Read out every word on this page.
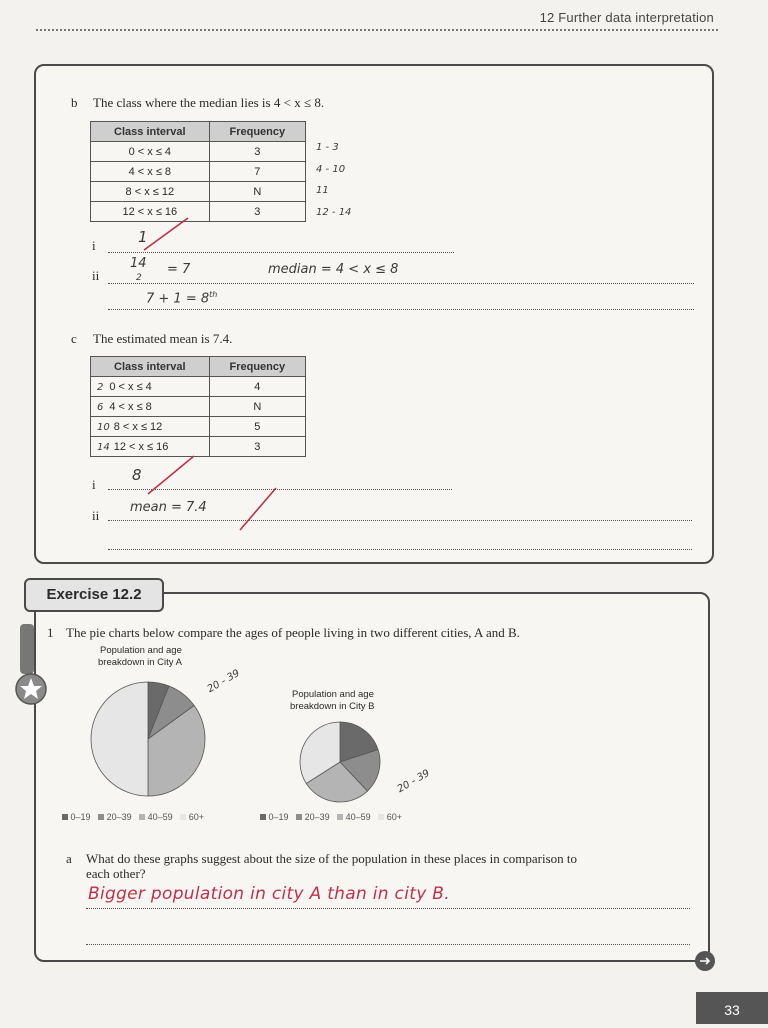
12 Further data interpretation
b The class where the median lies is 4 < x ≤ 8.
Class interval	Frequency
0 < x ≤ 4	3
4 < x ≤ 8	7
8 < x ≤ 12	N
12 < x ≤ 16	3
1 - 3
4 - 10
11
12 - 14
i	1
ii
14
2
= 7	median = 4 < x ≤ 8
7 + 1 = 8th
c The estimated mean is 7.4.
Class interval	Frequency
2 0 < x ≤ 4	4
6 4 < x ≤ 8	N
10 8 < x ≤ 12	5
14 12 < x ≤ 16	3
i
8
ii
mean = 7.4
Exercise 12.2
1 The pie charts below compare the ages of people living in two different cities, A and B.
Population and age
breakdown in City A
Population and age
breakdown in City B
20 - 39
20 - 39
0–19 20–39 40–59 60+	0–19 20–39 40–59 60+
a What do these graphs suggest about the size of the population in these places in comparison to
each other?
Bigger population in city A than in city B.
33
